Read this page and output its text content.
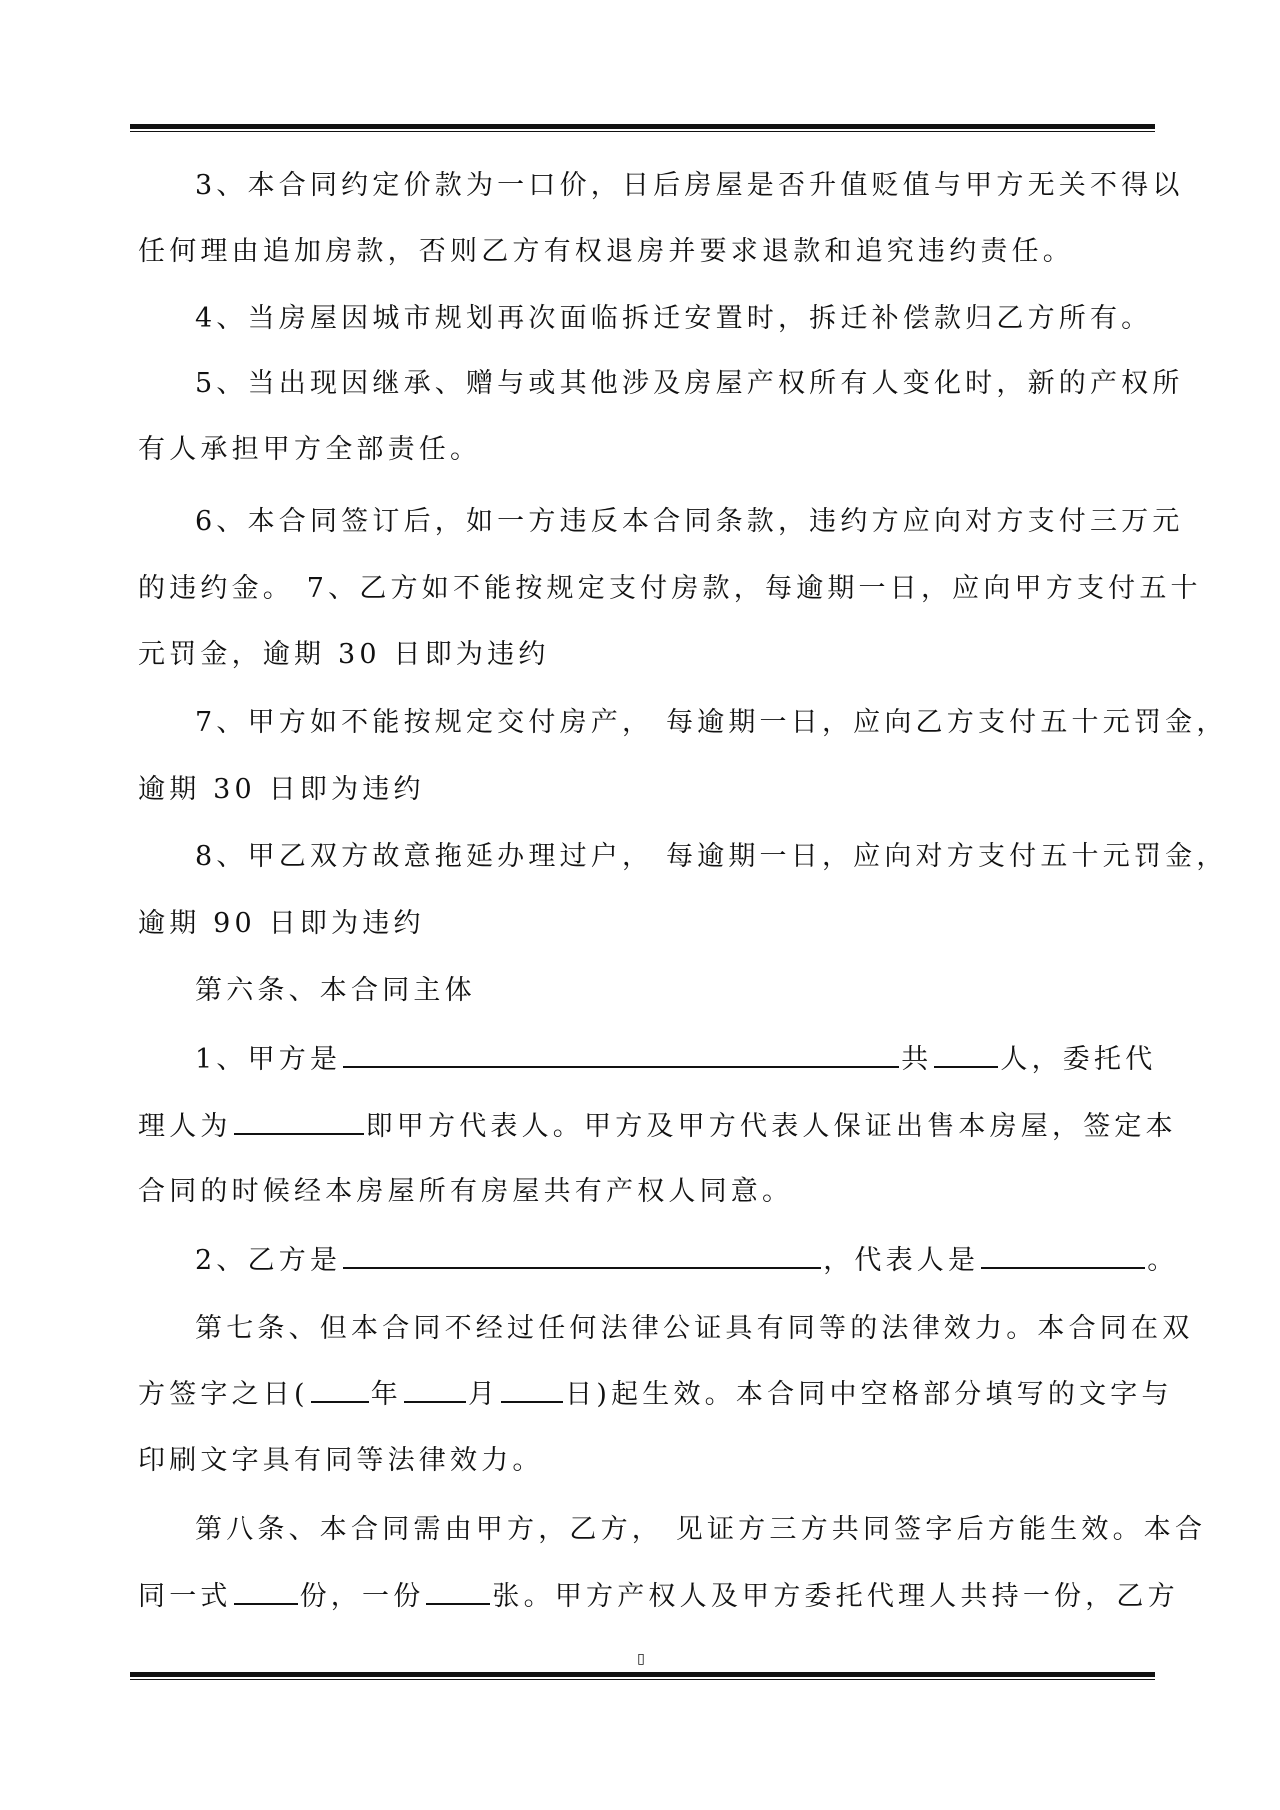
3、本合同约定价款为一口价，日后房屋是否升值贬值与甲方无关不得以

任何理由追加房款，否则乙方有权退房并要求退款和追究违约责任。

4、当房屋因城市规划再次面临拆迁安置时，拆迁补偿款归乙方所有。

5、当出现因继承、赠与或其他涉及房屋产权所有人变化时，新的产权所

有人承担甲方全部责任。

6、本合同签订后，如一方违反本合同条款，违约方应向对方支付三万元

的违约金。 7、乙方如不能按规定支付房款，每逾期一日，应向甲方支付五十

元罚金，逾期 30 日即为违约

7、甲方如不能按规定交付房产， 每逾期一日，应向乙方支付五十元罚金，

逾期 30 日即为违约

8、甲乙双方故意拖延办理过户， 每逾期一日，应向对方支付五十元罚金，

逾期 90 日即为违约

第六条、本合同主体

1、甲方是	共	人，委托代

理人为	即甲方代表人。甲方及甲方代表人保证出售本房屋，签定本

合同的时候经本房屋所有房屋共有产权人同意。

2、乙方是	，代表人是	。

第七条、但本合同不经过任何法律公证具有同等的法律效力。本合同在双

方签字之日( 年 月 日)起生效。本合同中空格部分填写的文字与

印刷文字具有同等法律效力。

第八条、本合同需由甲方，乙方， 见证方三方共同签字后方能生效。本合

同一式	份，一份	张。甲方产权人及甲方委托代理人共持一份，乙方

▯
